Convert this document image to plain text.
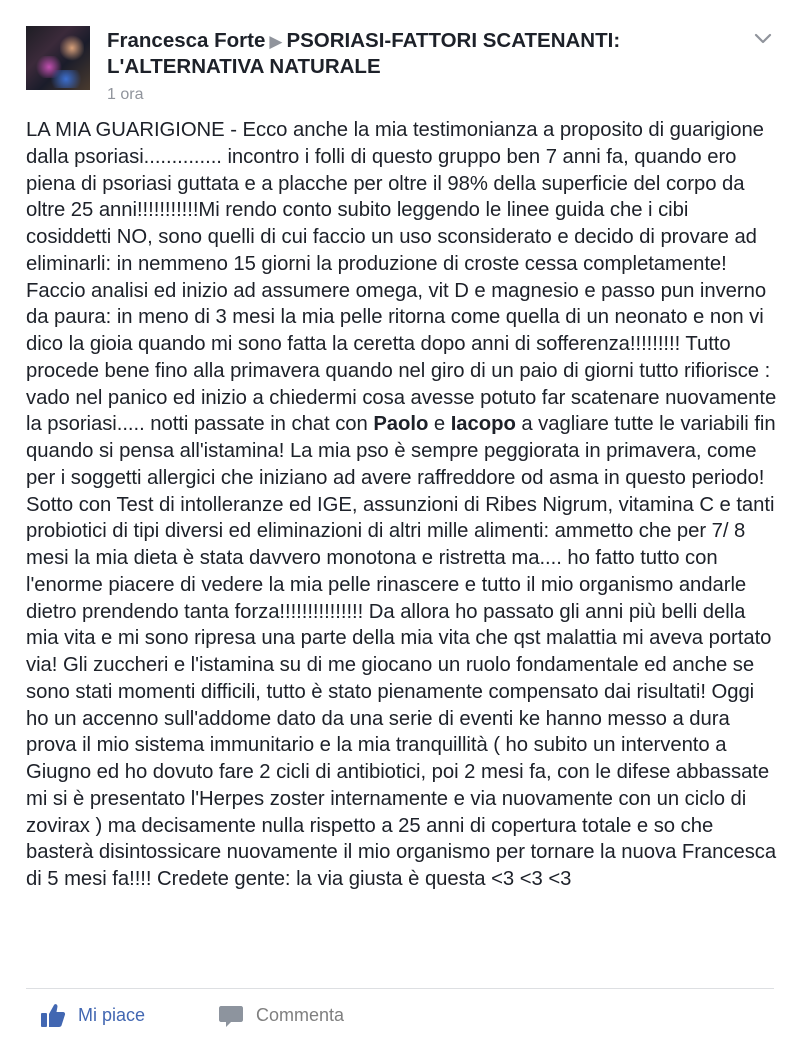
Francesca Forte ▶ PSORIASI-FATTORI SCATENANTI: L'ALTERNATIVA NATURALE
1 ora
LA MIA GUARIGIONE - Ecco anche la mia testimonianza a proposito di guarigione dalla psoriasi.............. incontro i folli di questo gruppo ben 7 anni fa, quando ero piena di psoriasi guttata e a placche per oltre il 98% della superficie del corpo da oltre 25 anni!!!!!!!!!!!Mi rendo conto subito leggendo le linee guida che i cibi cosiddetti NO, sono quelli di cui faccio un uso sconsiderato e decido di provare ad eliminarli: in nemmeno 15 giorni la produzione di croste cessa completamente! Faccio analisi ed inizio ad assumere omega, vit D e magnesio e passo pun inverno da paura: in meno di 3 mesi la mia pelle ritorna come quella di un neonato e non vi dico la gioia quando mi sono fatta la ceretta dopo anni di sofferenza!!!!!!!!! Tutto procede bene fino alla primavera quando nel giro di un paio di giorni tutto rifiorisce : vado nel panico ed inizio a chiedermi cosa avesse potuto far scatenare nuovamente la psoriasi..... notti passate in chat con Paolo e Iacopo a vagliare tutte le variabili fin quando si pensa all'istamina! La mia pso è sempre peggiorata in primavera, come per i soggetti allergici che iniziano ad avere raffreddore od asma in questo periodo! Sotto con Test di intolleranze ed IGE, assunzioni di Ribes Nigrum, vitamina C e tanti probiotici di tipi diversi ed eliminazioni di altri mille alimenti: ammetto che per 7/ 8 mesi la mia dieta è stata davvero monotona e ristretta ma.... ho fatto tutto con l'enorme piacere di vedere la mia pelle rinascere e tutto il mio organismo andarle dietro prendendo tanta forza!!!!!!!!!!!!!!! Da allora ho passato gli anni più belli della mia vita e mi sono ripresa una parte della mia vita che qst malattia mi aveva portato via! Gli zuccheri e l'istamina su di me giocano un ruolo fondamentale ed anche se sono stati momenti difficili, tutto è stato pienamente compensato dai risultati! Oggi ho un accenno sull'addome dato da una serie di eventi ke hanno messo a dura prova il mio sistema immunitario e la mia tranquillità ( ho subito un intervento a Giugno ed ho dovuto fare 2 cicli di antibiotici, poi 2 mesi fa, con le difese abbassate mi si è presentato l'Herpes zoster internamente e via nuovamente con un ciclo di zovirax ) ma decisamente nulla rispetto a 25 anni di copertura totale e so che basterà disintossicare nuovamente il mio organismo per tornare la nuova Francesca di 5 mesi fa!!!! Credete gente: la via giusta è questa <3 <3 <3
Mi piace	Commenta
